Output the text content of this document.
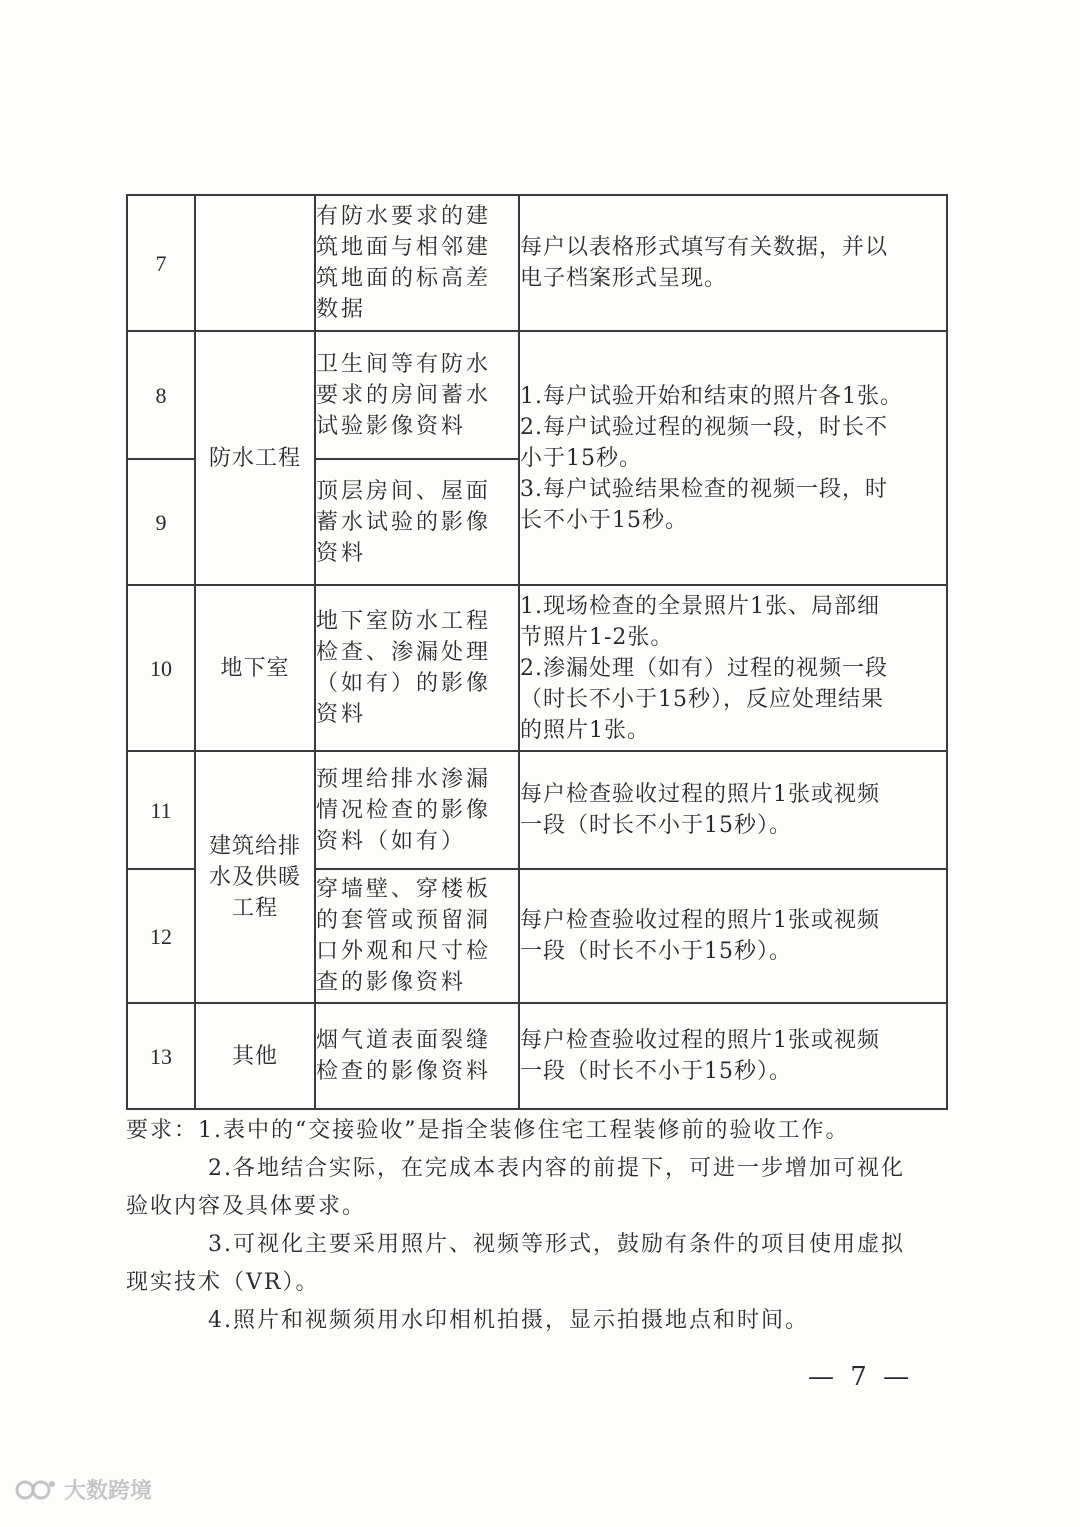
7		有防水要求的建
筑地面与相邻建
筑地面的标高差
数据	每户以表格形式填写有关数据，并以
电子档案形式呈现。

8	防水工程	卫生间等有防水
要求的房间蓄水
试验影像资料	1.每户试验开始和结束的照片各1张。
2.每户试验过程的视频一段，时长不
小于15秒。
3.每户试验结果检查的视频一段，时
长不小于15秒。

9		顶层房间、屋面
蓄水试验的影像
资料	

10	地下室	地下室防水工程
检查、渗漏处理
（如有）的影像
资料	1.现场检查的全景照片1张、局部细
节照片1-2张。
2.渗漏处理（如有）过程的视频一段
（时长不小于15秒），反应处理结果
的照片1张。

11	建筑给排
水及供暖
工程	预埋给排水渗漏
情况检查的影像
资料（如有）	每户检查验收过程的照片1张或视频
一段（时长不小于15秒）。

12		穿墙壁、穿楼板
的套管或预留洞
口外观和尺寸检
查的影像资料	每户检查验收过程的照片1张或视频
一段（时长不小于15秒）。

13	其他	烟气道表面裂缝
检查的影像资料	每户检查验收过程的照片1张或视频
一段（时长不小于15秒）。

要求：1.表中的“交接验收”是指全装修住宅工程装修前的验收工作。

2.各地结合实际，在完成本表内容的前提下，可进一步增加可视化

验收内容及具体要求。

3.可视化主要采用照片、视频等形式，鼓励有条件的项目使用虚拟

现实技术（VR）。

4.照片和视频须用水印相机拍摄，显示拍摄地点和时间。

— 7 —
大数跨境
